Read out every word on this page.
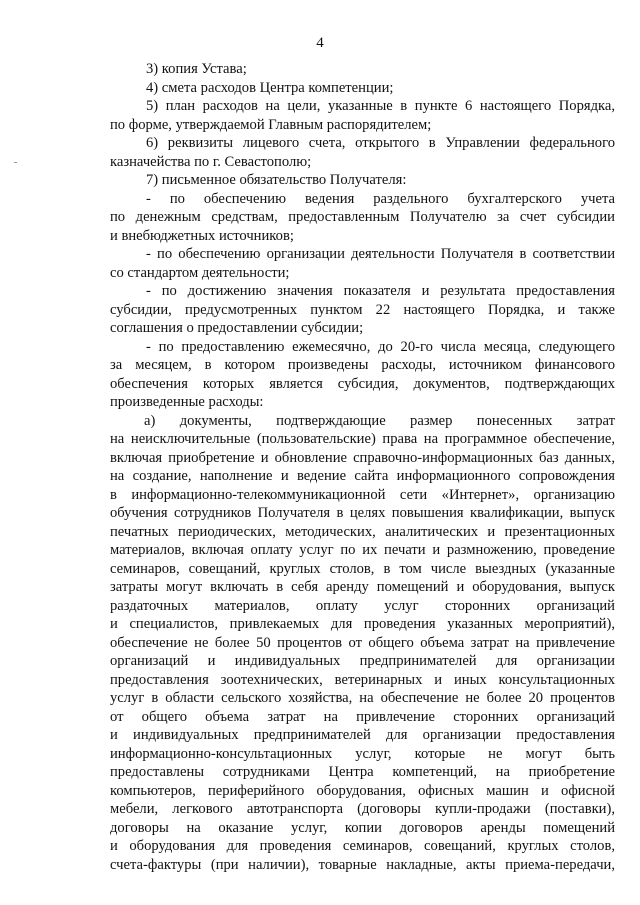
4
3) копия Устава;
4) смета расходов Центра компетенции;
5) план расходов на цели, указанные в пункте 6 настоящего Порядка,
по форме, утверждаемой Главным распорядителем;
6) реквизиты лицевого счета, открытого в Управлении федерального
казначейства по г. Севастополю;
7) письменное обязательство Получателя:
- по обеспечению ведения раздельного бухгалтерского учета
по денежным средствам, предоставленным Получателю за счет субсидии
и внебюджетных источников;
- по обеспечению организации деятельности Получателя в соответствии
со стандартом деятельности;
- по достижению значения показателя и результата предоставления
субсидии, предусмотренных пунктом 22 настоящего Порядка, и также
соглашения о предоставлении субсидии;
- по предоставлению ежемесячно, до 20-го числа месяца, следующего
за месяцем, в котором произведены расходы, источником финансового
обеспечения которых является субсидия, документов, подтверждающих
произведенные расходы:
а) документы, подтверждающие размер понесенных затрат
на неисключительные (пользовательские) права на программное обеспечение,
включая приобретение и обновление справочно-информационных баз данных,
на создание, наполнение и ведение сайта информационного сопровождения
в информационно-телекоммуникационной сети «Интернет», организацию
обучения сотрудников Получателя в целях повышения квалификации, выпуск
печатных периодических, методических, аналитических и презентационных
материалов, включая оплату услуг по их печати и размножению, проведение
семинаров, совещаний, круглых столов, в том числе выездных (указанные
затраты могут включать в себя аренду помещений и оборудования, выпуск
раздаточных материалов, оплату услуг сторонних организаций
и специалистов, привлекаемых для проведения указанных мероприятий),
обеспечение не более 50 процентов от общего объема затрат на привлечение
организаций и индивидуальных предпринимателей для организации
предоставления зоотехнических, ветеринарных и иных консультационных
услуг в области сельского хозяйства, на обеспечение не более 20 процентов
от общего объема затрат на привлечение сторонних организаций
и индивидуальных предпринимателей для организации предоставления
информационно-консультационных услуг, которые не могут быть
предоставлены сотрудниками Центра компетенций, на приобретение
компьютеров, периферийного оборудования, офисных машин и офисной
мебели, легкового автотранспорта (договоры купли-продажи (поставки),
договоры на оказание услуг, копии договоров аренды помещений
и оборудования для проведения семинаров, совещаний, круглых столов,
счета-фактуры (при наличии), товарные накладные, акты приема-передачи,
